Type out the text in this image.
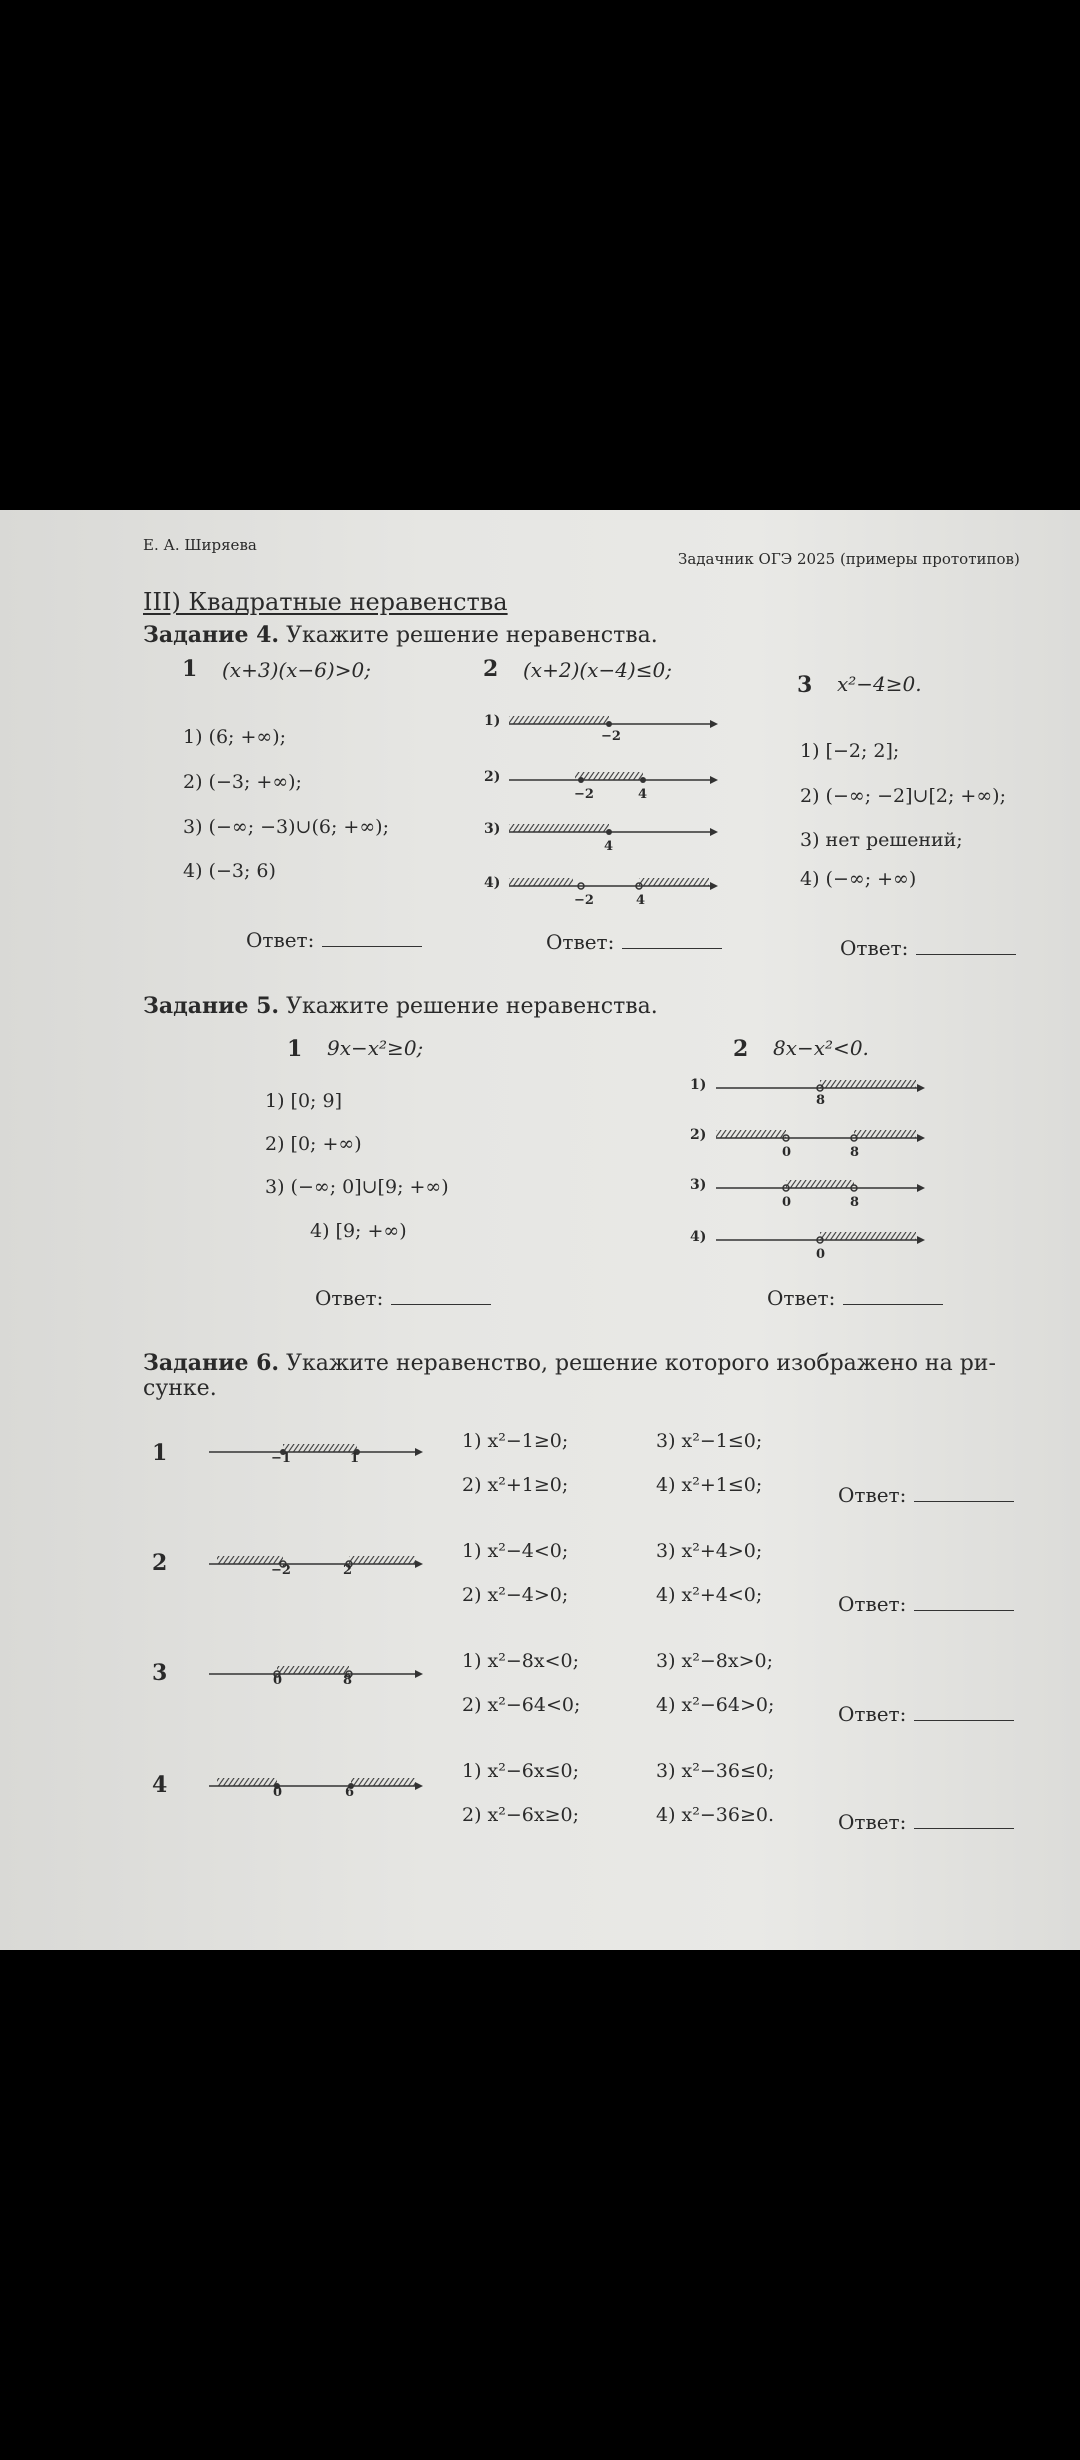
Е. А. Ширяева
Задачник ОГЭ 2025 (примеры прототипов)
III) Квадратные неравенства
Задание 4. Укажите решение неравенства.
1 (x+3)(x−6)>0;
1) (6; +∞);
2) (−3; +∞);
3) (−∞; −3)∪(6; +∞);
4) (−3; 6)
Ответ:
2 (x+2)(x−4)≤0;
1)
−2
2)
−2	4
3)
4
4)
−2	4
Ответ:
3 x²−4≥0.
1) [−2; 2];
2) (−∞; −2]∪[2; +∞);
3) нет решений;
4) (−∞; +∞)
Ответ:
Задание 5. Укажите решение неравенства.
1 9x−x²≥0;
1) [0; 9]
2) [0; +∞)
3) (−∞; 0]∪[9; +∞)
4) [9; +∞)
Ответ:
2 8x−x²<0.
1)
8
2)
0	8
3)
0	8
4)
0
Ответ:
Задание 6. Укажите неравенство, решение которого изображено на ри-
сунке.
1	−1	1
1) x²−1≥0;	3) x²−1≤0;
2) x²+1≥0;	4) x²+1≤0;	Ответ:
2	−2	2
1) x²−4<0;	3) x²+4>0;
2) x²−4>0;	4) x²+4<0;	Ответ:
3	0	8
1) x²−8x<0;	3) x²−8x>0;
2) x²−64<0;	4) x²−64>0;	Ответ:
4	0	6
1) x²−6x≤0;	3) x²−36≤0;
2) x²−6x≥0;	4) x²−36≥0.	Ответ:
